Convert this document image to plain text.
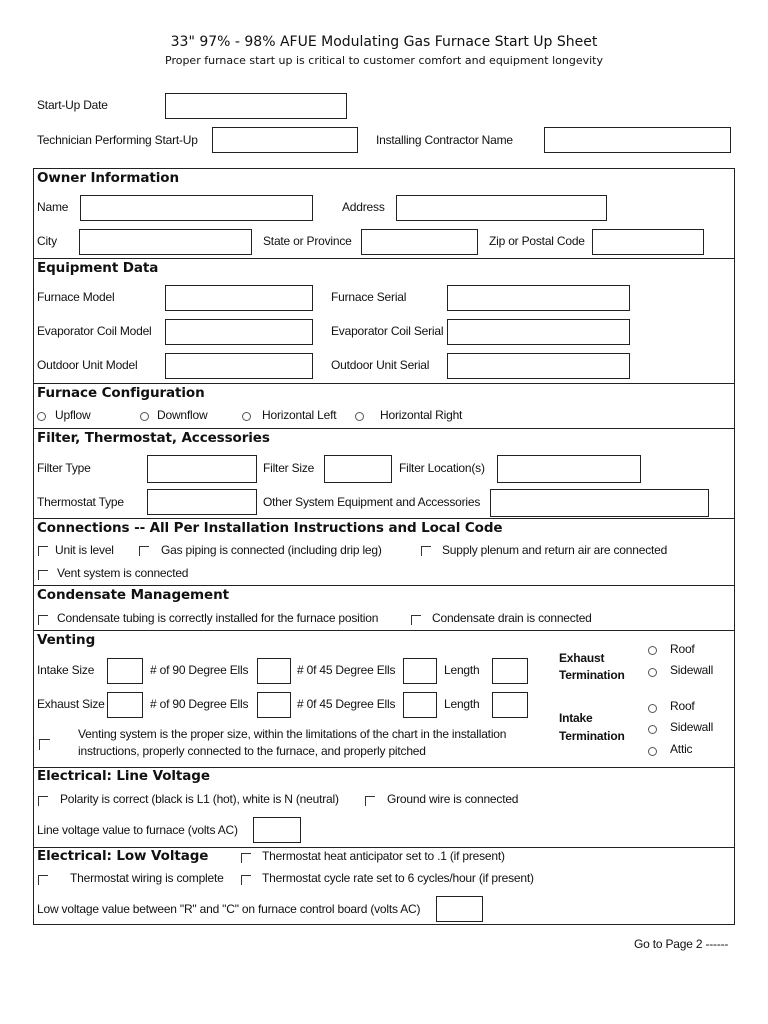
33" 97% - 98% AFUE Modulating Gas Furnace Start Up Sheet
Proper furnace start up is critical to customer comfort and equipment longevity
Start-Up Date
Technician Performing Start-Up	Installing Contractor Name
Owner Information
Name	Address
City	State or Province	Zip or Postal Code
Equipment Data
Furnace Model	Furnace Serial
Evaporator Coil Model	Evaporator Coil Serial
Outdoor Unit Model	Outdoor Unit Serial
Furnace Configuration
Upflow	Downflow	Horizontal Left	Horizontal Right
Filter, Thermostat, Accessories
Filter Type	Filter Size	Filter Location(s)
Thermostat Type	Other System Equipment and Accessories
Connections -- All Per Installation Instructions and Local Code
Unit is level	Gas piping is connected (including drip leg)	Supply plenum and return air are connected
Vent system is connected
Condensate Management
Condensate tubing is correctly installed for the furnace position	Condensate drain is connected
Venting
Intake Size	# of 90 Degree Ells	# 0f 45 Degree Ells	Length
Exhaust Size	# of 90 Degree Ells	# 0f 45 Degree Ells	Length
Venting system is the proper size, within the limitations of the chart in the installation
instructions, properly connected to the furnace, and properly pitched
Exhaust
Termination
Roof
Sidewall
Intake
Termination
Roof
Sidewall
Attic
Electrical: Line Voltage
Polarity is correct (black is L1 (hot), white is N (neutral)	Ground wire is connected
Line voltage value to furnace (volts AC)
Electrical: Low Voltage	Thermostat heat anticipator set to .1 (if present)
Thermostat wiring is complete	Thermostat cycle rate set to 6 cycles/hour (if present)
Low voltage value between "R" and "C" on furnace control board (volts AC)
Go to Page 2 ------
